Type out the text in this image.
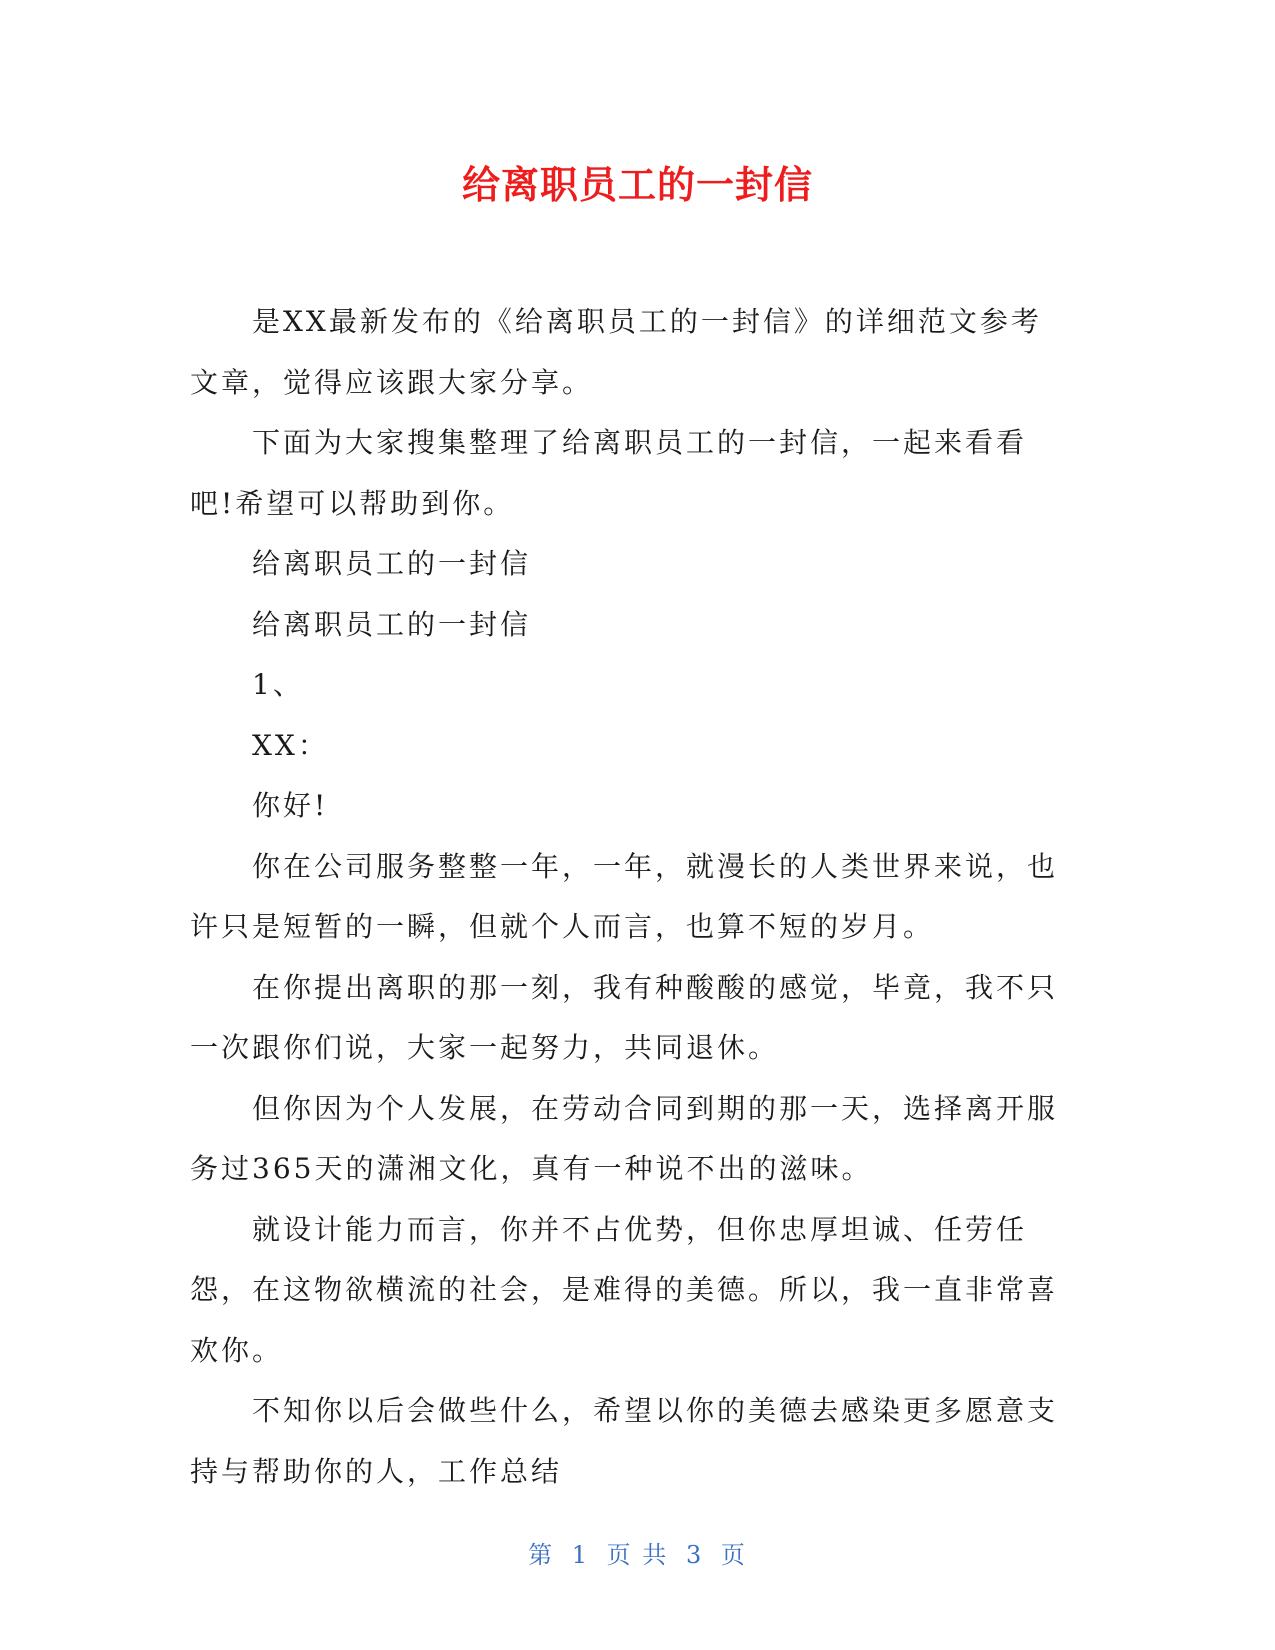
给离职员工的一封信

是XX最新发布的《给离职员工的一封信》的详细范文参考文章，觉得应该跟大家分享。

下面为大家搜集整理了给离职员工的一封信，一起来看看吧!希望可以帮助到你。

给离职员工的一封信

给离职员工的一封信

1、

XX：

你好!

你在公司服务整整一年，一年，就漫长的人类世界来说，也许只是短暂的一瞬，但就个人而言，也算不短的岁月。

在你提出离职的那一刻，我有种酸酸的感觉，毕竟，我不只一次跟你们说，大家一起努力，共同退休。

但你因为个人发展，在劳动合同到期的那一天，选择离开服务过365天的潇湘文化，真有一种说不出的滋味。

就设计能力而言，你并不占优势，但你忠厚坦诚、任劳任怨，在这物欲横流的社会，是难得的美德。所以，我一直非常喜欢你。

不知你以后会做些什么，希望以你的美德去感染更多愿意支持与帮助你的人，工作总结

第 1 页 共 3 页
